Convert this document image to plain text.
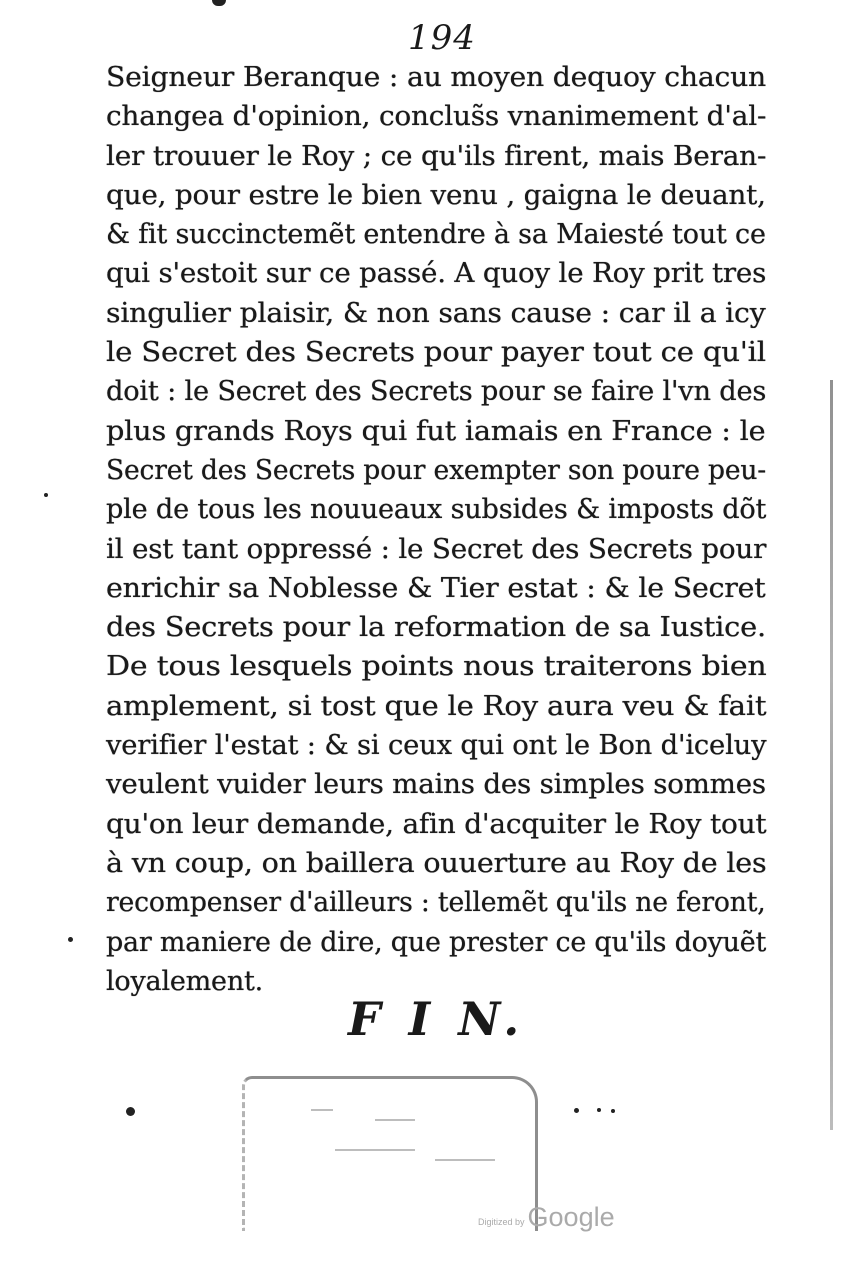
194
Seigneur Beranque : au moyen dequoy chacun
changea d'opinion, conclus̃s vnanimement d'al-
ler trouuer le Roy ; ce qu'ils firent, mais Beran-
que, pour estre le bien venu , gaigna le deuant,
& fit succinctemẽt entendre à sa Maiesté tout ce
qui s'estoit sur ce passé. A quoy le Roy prit tres
singulier plaisir, & non sans cause : car il a icy
le Secret des Secrets pour payer tout ce qu'il
doit : le Secret des Secrets pour se faire l'vn des
plus grands Roys qui fut iamais en France : le
Secret des Secrets pour exempter son poure peu-
ple de tous les nouueaux subsides & imposts dõt
il est tant oppressé : le Secret des Secrets pour
enrichir sa Noblesse & Tier estat : & le Secret
des Secrets pour la reformation de sa Iustice.
De tous lesquels points nous traiterons bien
amplement, si tost que le Roy aura veu & fait
verifier l'estat : & si ceux qui ont le Bon d'iceluy
veulent vuider leurs mains des simples sommes
qu'on leur demande, afin d'acquiter le Roy tout
à vn coup, on baillera ouuerture au Roy de les
recompenser d'ailleurs : tellemẽt qu'ils ne feront,
par maniere de dire, que prester ce qu'ils doyuẽt
loyalement.
F I N.
Digitized by Google
